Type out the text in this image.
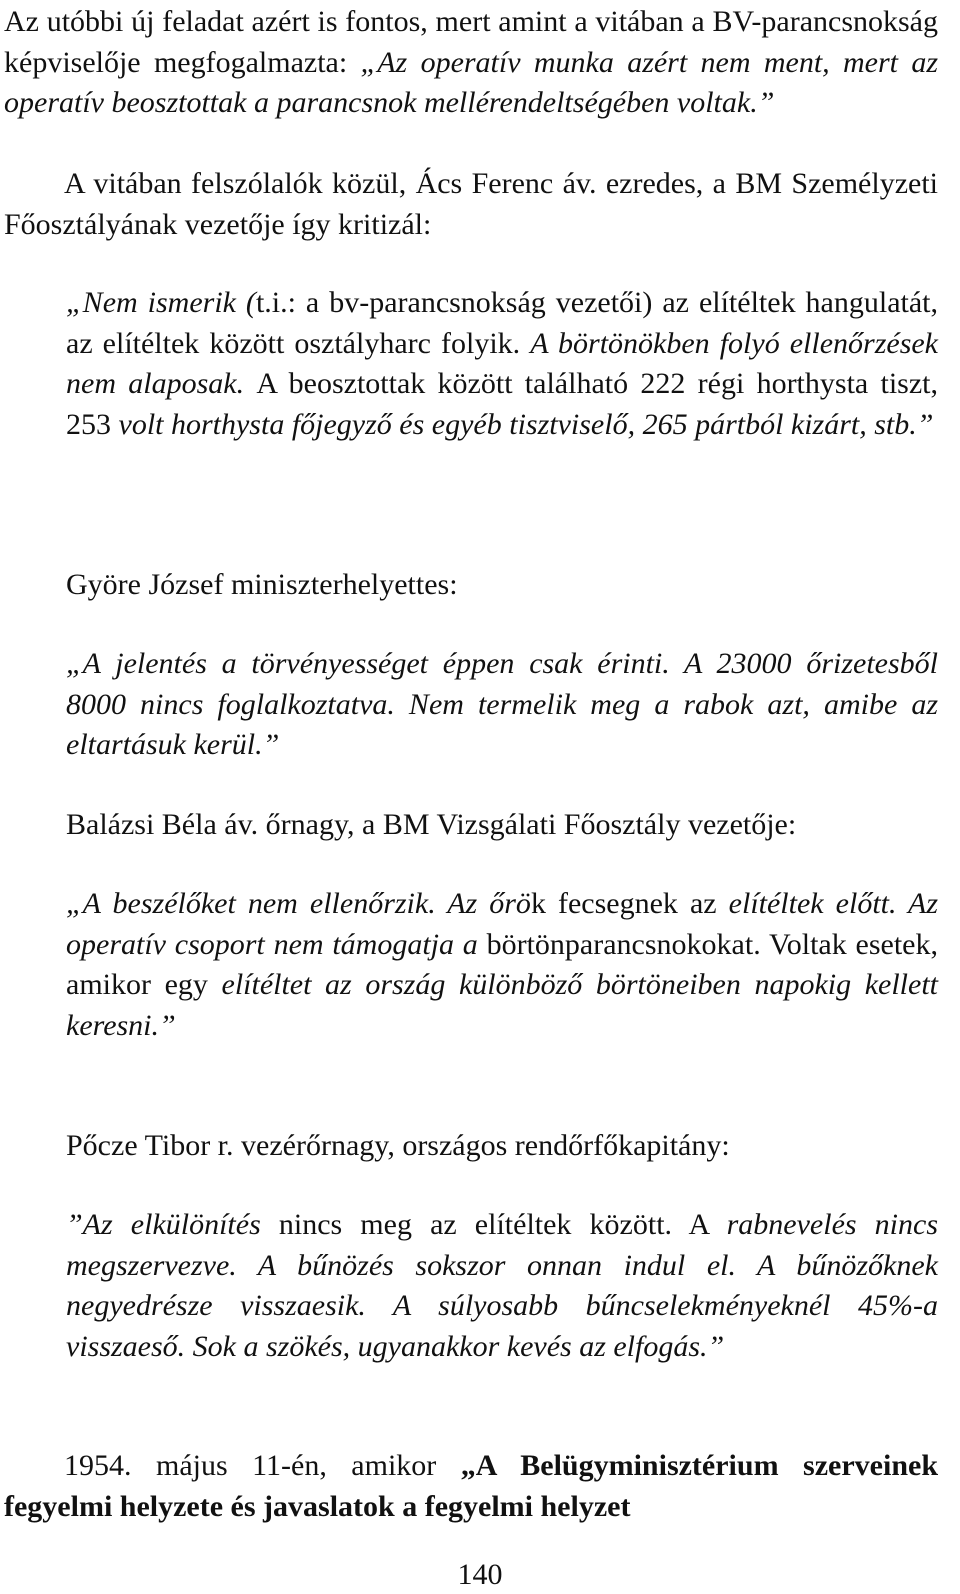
Az utóbbi új feladat azért is fontos, mert amint a vitában a BV-parancsnokság képviselője megfogalmazta: „Az operatív munka azért nem ment, mert az operatív beosztottak a parancsnok mellérendeltségében voltak.”

A vitában felszólalók közül, Ács Ferenc áv. ezredes, a BM Személyzeti Főosztályának vezetője így kritizál:

„Nem ismerik (t.i.: a bv-parancsnokság vezetői) az elítéltek hangulatát, az elítéltek között osztályharc folyik. A börtönökben folyó ellenőrzések nem alaposak. A beosztottak között található 222 régi horthysta tiszt, 253 volt horthysta főjegyző és egyéb tisztviselő, 265 pártból kizárt, stb.”

Györe József miniszterhelyettes:

„A jelentés a törvényességet éppen csak érinti. A 23000 őrizetesből 8000 nincs foglalkoztatva. Nem termelik meg a rabok azt, amibe az eltartásuk kerül.”

Balázsi Béla áv. őrnagy, a BM Vizsgálati Főosztály vezetője:

„A beszélőket nem ellenőrzik. Az őrök fecsegnek az elítéltek előtt. Az operatív csoport nem támogatja a börtönparancsnokokat. Voltak esetek, amikor egy elítéltet az ország különböző börtöneiben napokig kellett keresni.”

Pőcze Tibor r. vezérőrnagy, országos rendőrfőkapitány:

”Az elkülönítés nincs meg az elítéltek között. A rabnevelés nincs megszervezve. A bűnözés sokszor onnan indul el. A bűnözőknek negyedrésze visszaesik. A súlyosabb bűncselekményeknél 45%-a visszaeső. Sok a szökés, ugyanakkor kevés az elfogás.”

1954. május 11-én, amikor „A Belügyminisztérium szerveinek fegyelmi helyzete és javaslatok a fegyelmi helyzet

140
